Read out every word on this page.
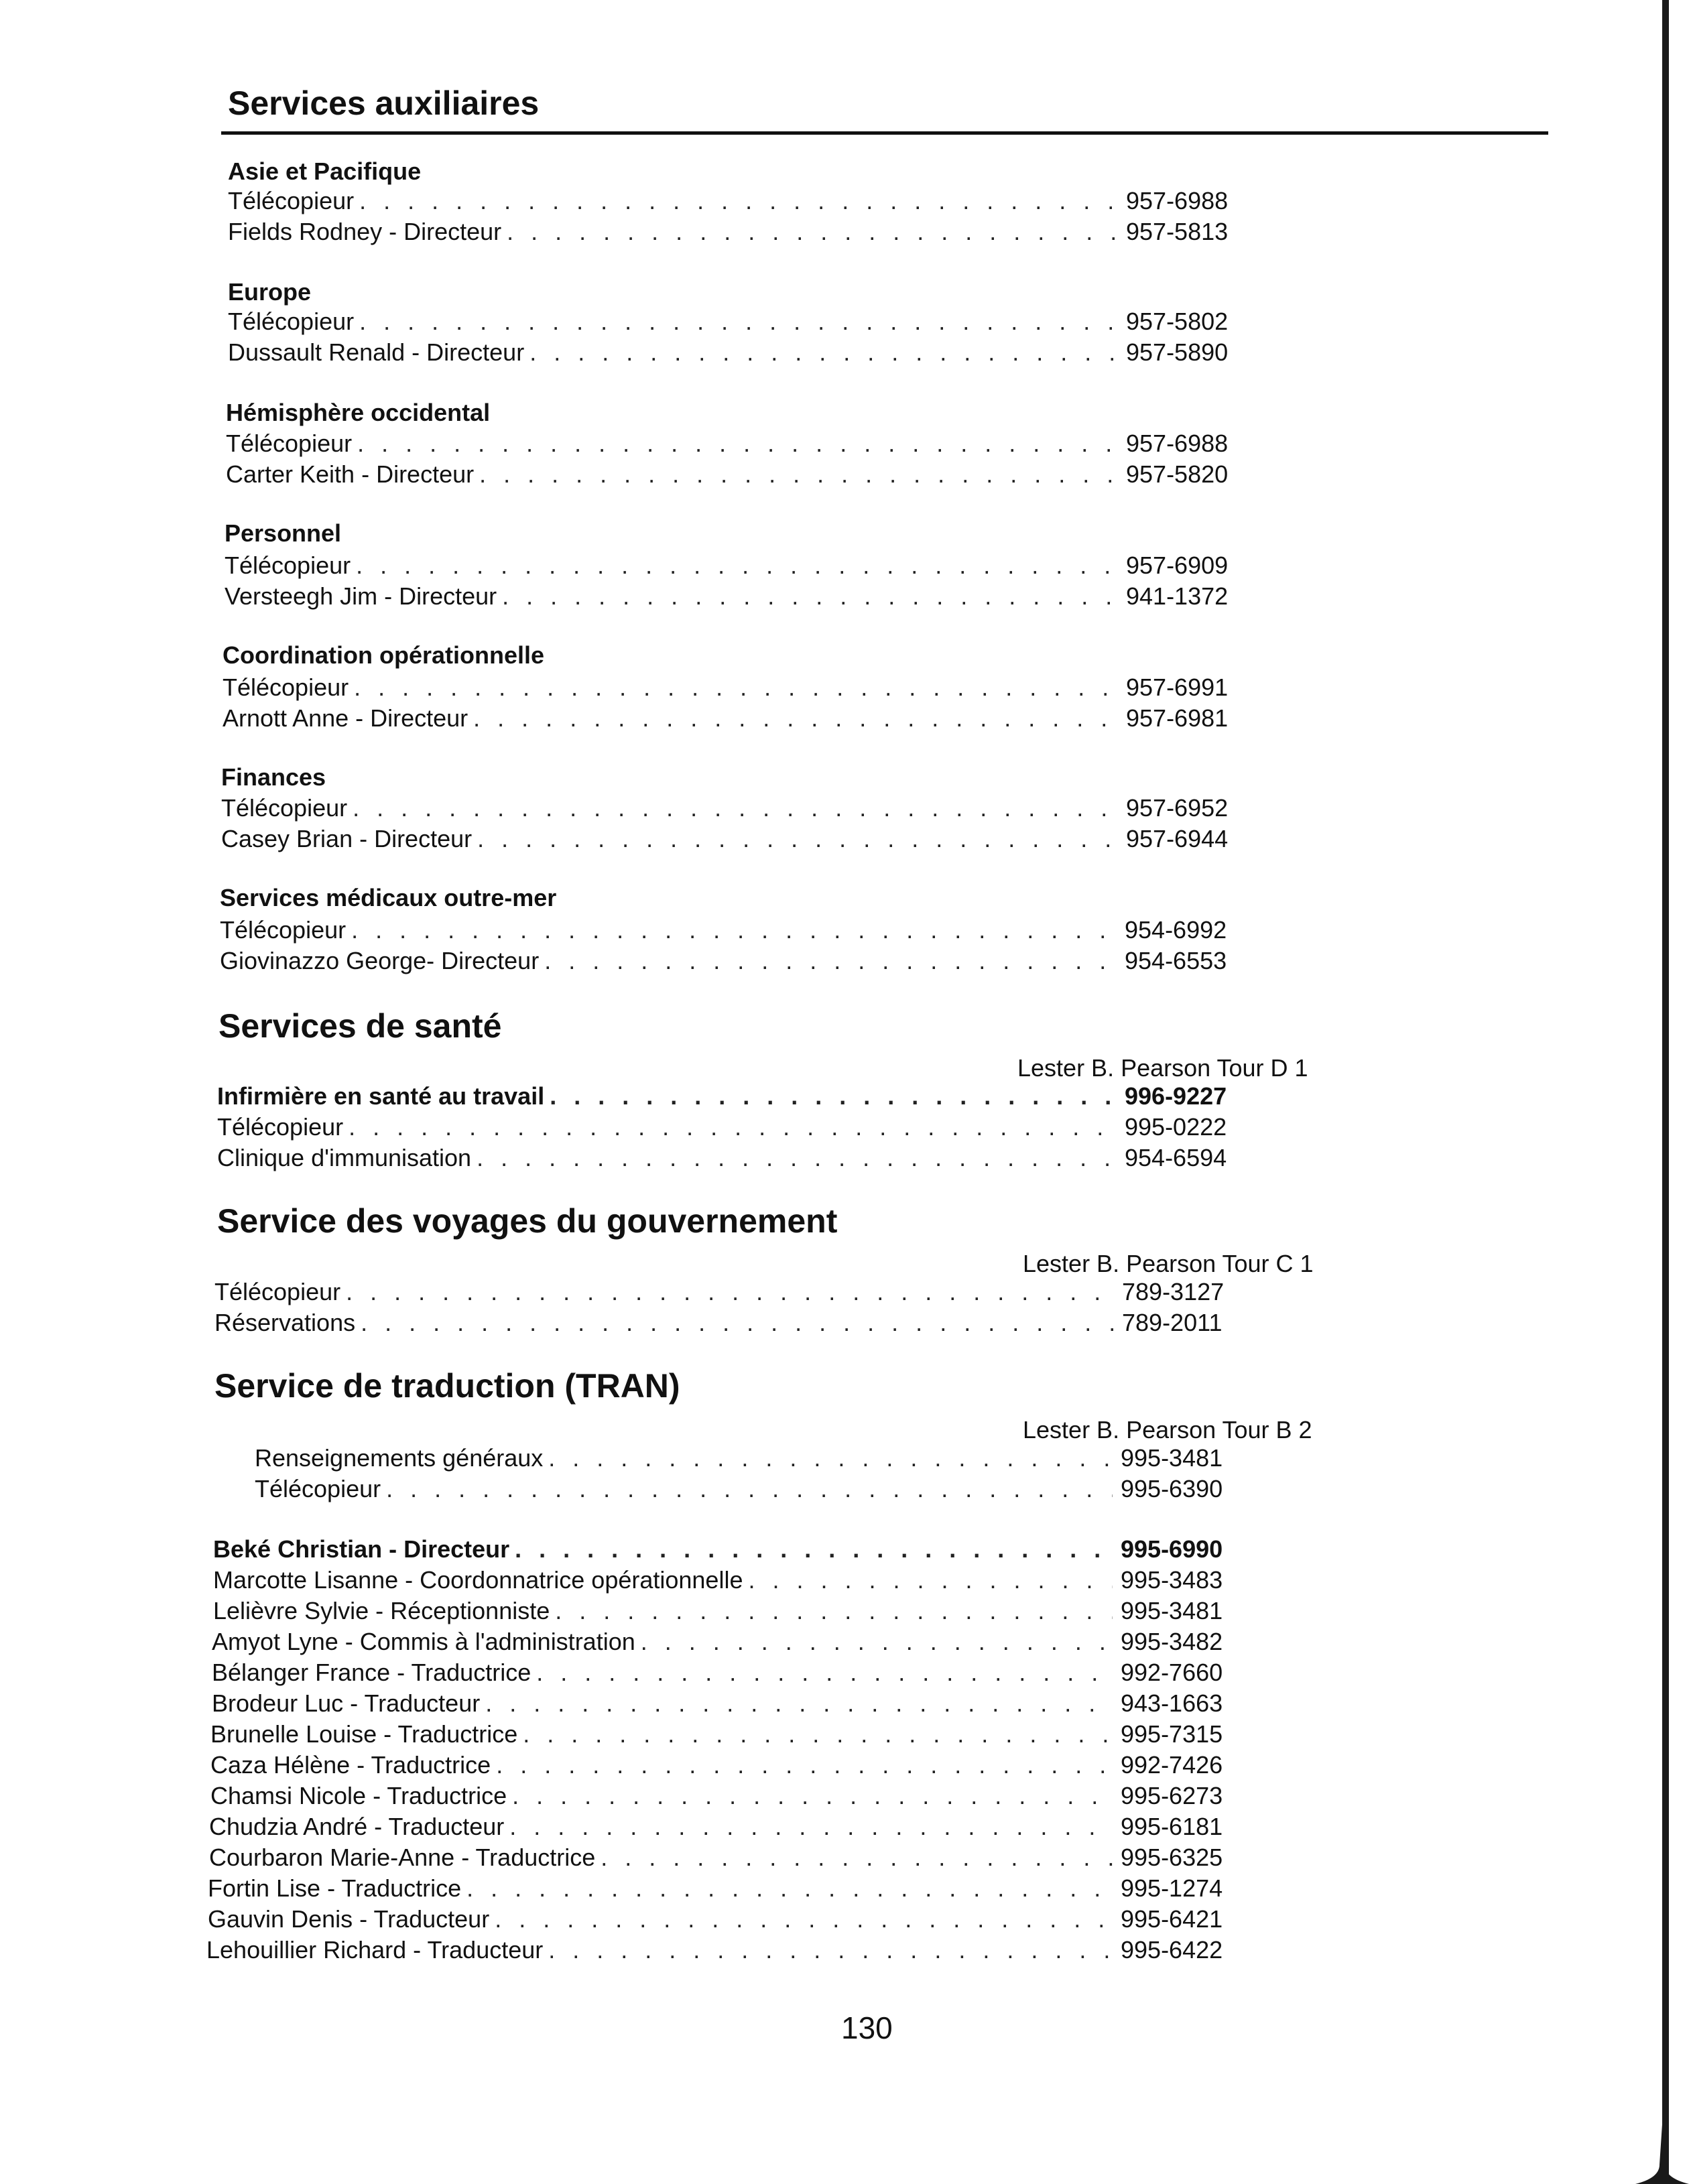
Services auxiliaires
Asie et Pacifique
Télécopieur . . .	957-6988
Fields Rodney - Directeur . . .	957-5813
Europe
Télécopieur . . .	957-5802
Dussault Renald - Directeur . . .	957-5890
Hémisphère occidental
Télécopieur . . .	957-6988
Carter Keith - Directeur . . .	957-5820
Personnel
Télécopieur . . .	957-6909
Versteegh Jim - Directeur . . .	941-1372
Coordination opérationnelle
Télécopieur . . .	957-6991
Arnott Anne - Directeur . . .	957-6981
Finances
Télécopieur . . .	957-6952
Casey Brian - Directeur . . .	957-6944
Services médicaux outre-mer
Télécopieur . . .	954-6992
Giovinazzo George- Directeur . . .	954-6553
Services de santé
Lester B. Pearson Tour D 1
Infirmière en santé au travail . . .	996-9227
Télécopieur . . .	995-0222
Clinique d'immunisation . . .	954-6594
Service des voyages du gouvernement
Lester B. Pearson Tour C 1
Télécopieur . . .	789-3127
Réservations . . .	789-2011
Service de traduction (TRAN)
Lester B. Pearson Tour B 2
Renseignements généraux . . .	995-3481
Télécopieur . . .	995-6390
Beké Christian - Directeur . . .	995-6990
Marcotte Lisanne - Coordonnatrice opérationnelle . . .	995-3483
Lelièvre Sylvie - Réceptionniste . . .	995-3481
Amyot Lyne - Commis à l'administration . . .	995-3482
Bélanger France - Traductrice . . .	992-7660
Brodeur Luc - Traducteur . . .	943-1663
Brunelle Louise - Traductrice . . .	995-7315
Caza Hélène - Traductrice . . .	992-7426
Chamsi Nicole - Traductrice . . .	995-6273
Chudzia André - Traducteur . . .	995-6181
Courbaron Marie-Anne - Traductrice . . .	995-6325
Fortin Lise - Traductrice . . .	995-1274
Gauvin Denis - Traducteur . . .	995-6421
Lehouillier Richard - Traducteur . . .	995-6422
130
